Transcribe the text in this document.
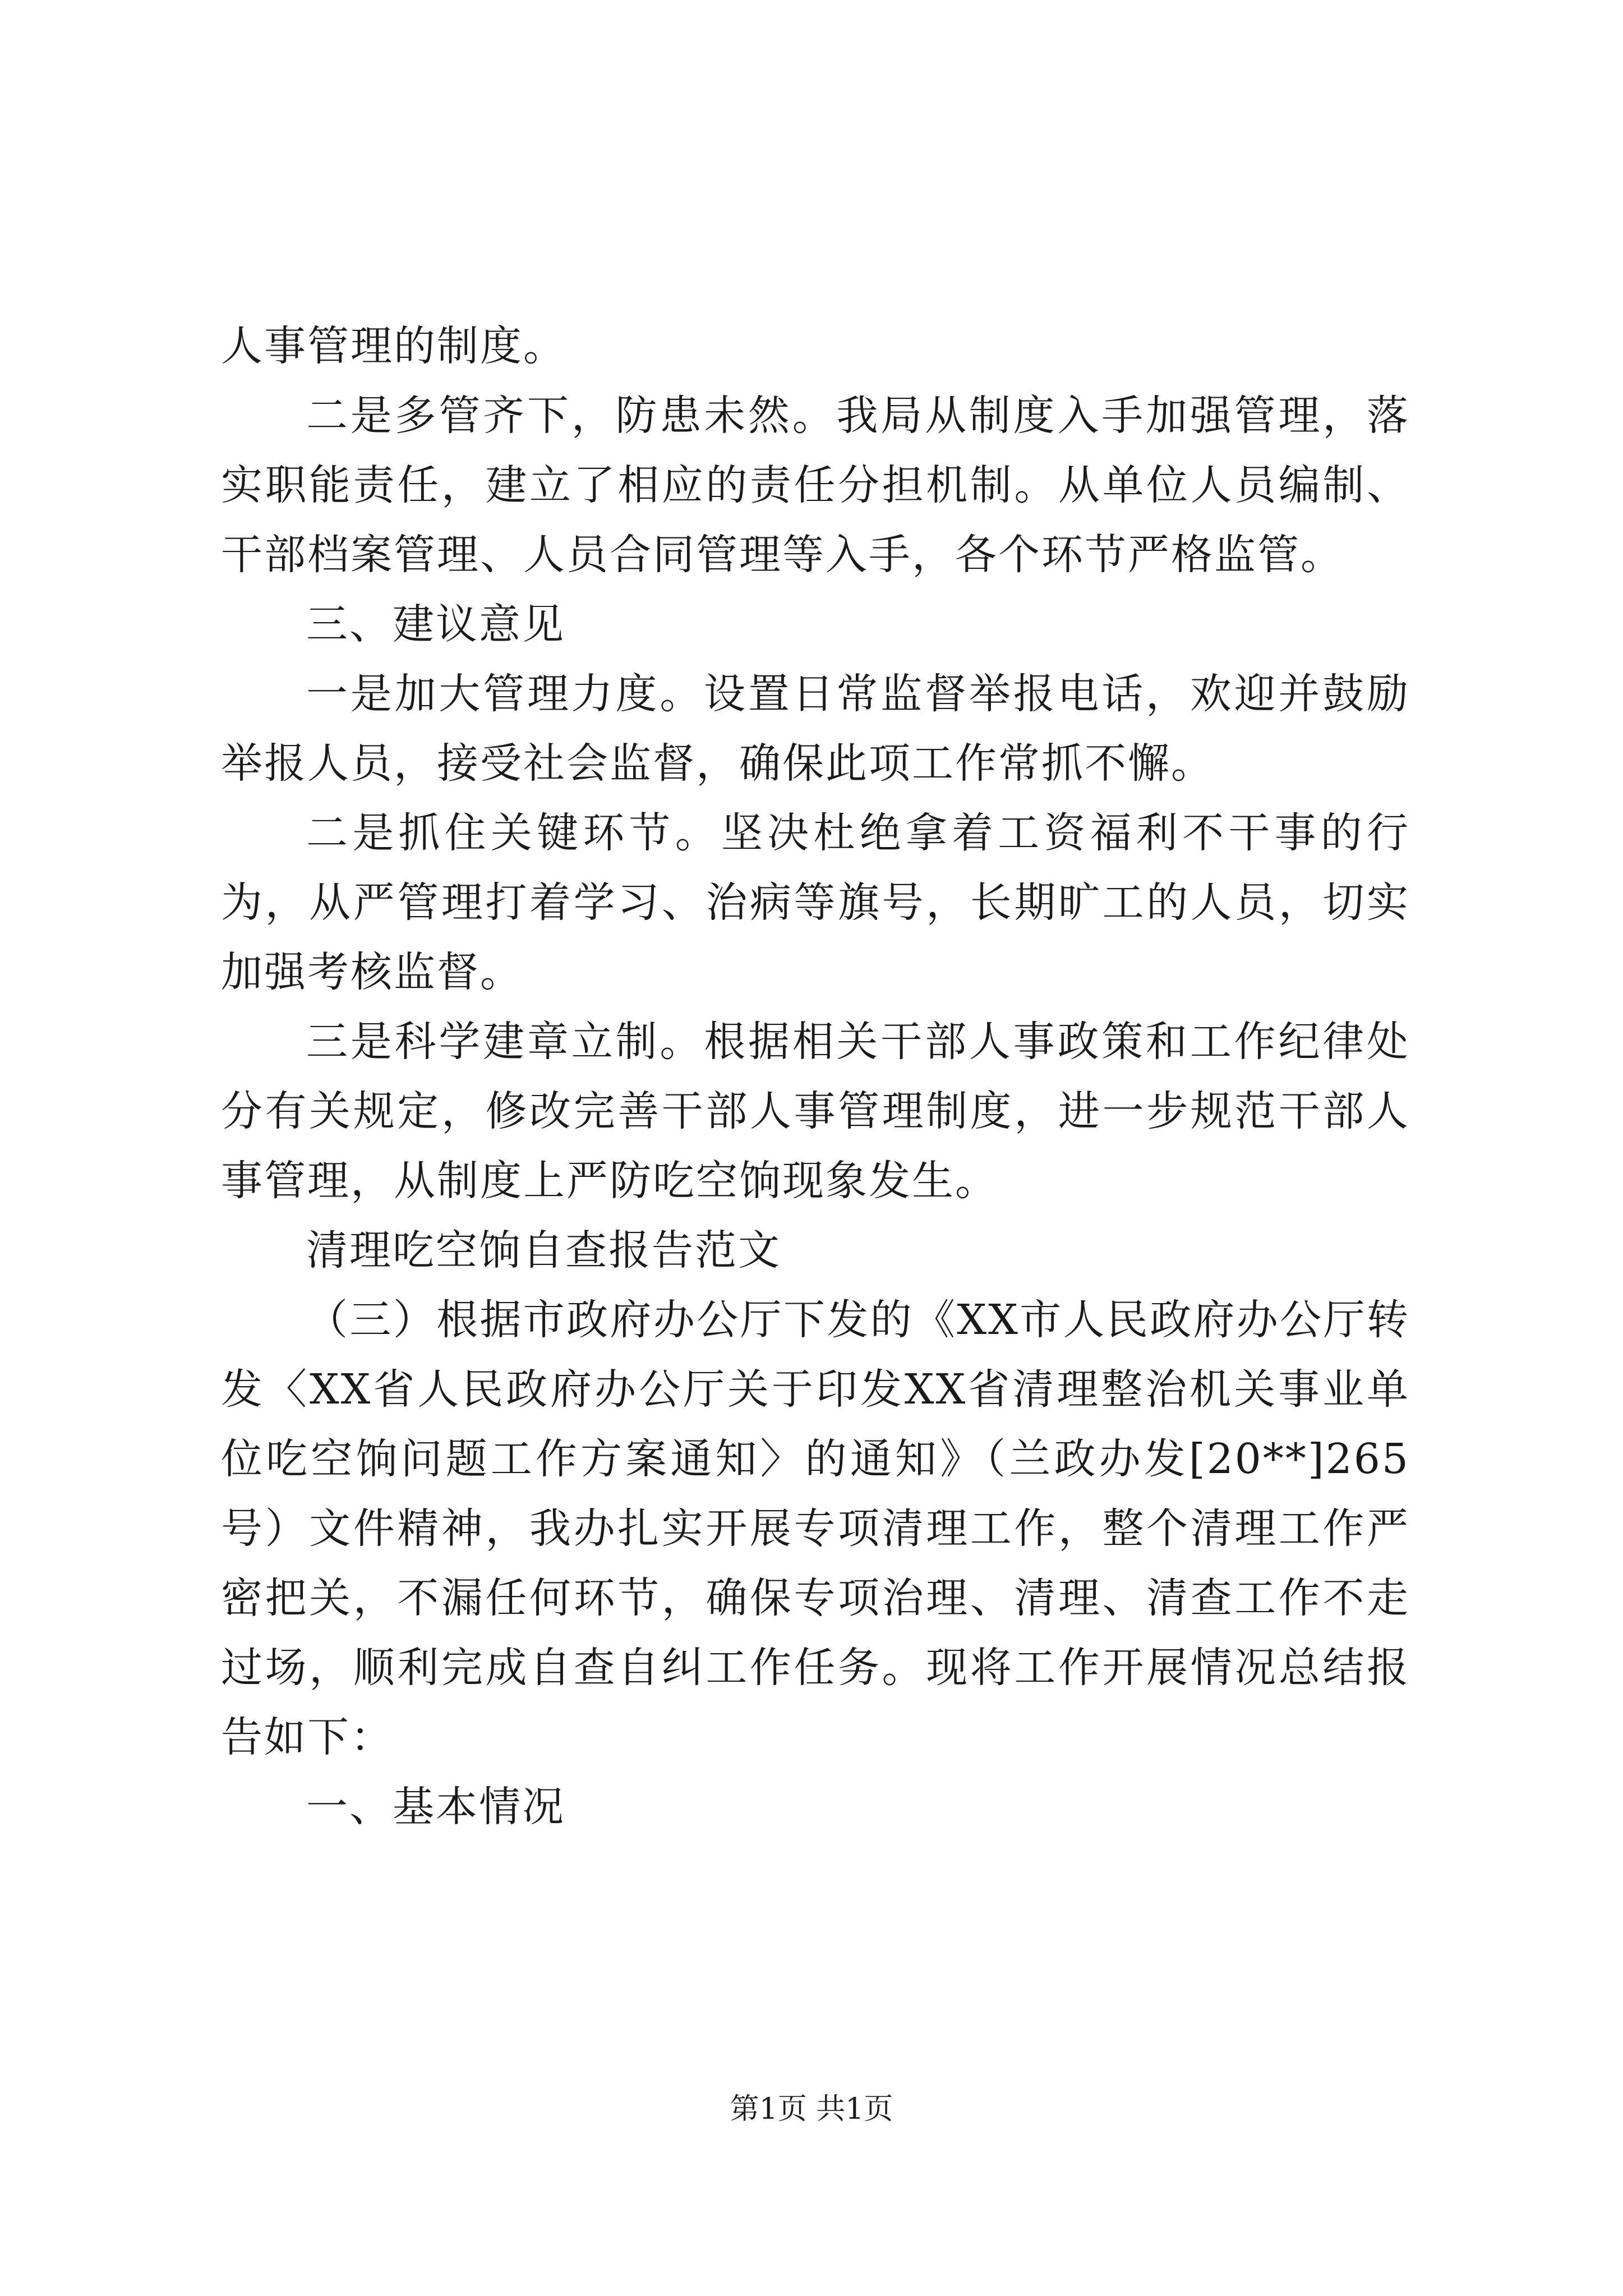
人事管理的制度。

二是多管齐下，防患未然。我局从制度入手加强管理，落实职能责任，建立了相应的责任分担机制。从单位人员编制、干部档案管理、人员合同管理等入手，各个环节严格监管。

三、建议意见

一是加大管理力度。设置日常监督举报电话，欢迎并鼓励举报人员，接受社会监督，确保此项工作常抓不懈。

二是抓住关键环节。坚决杜绝拿着工资福利不干事的行为，从严管理打着学习、治病等旗号，长期旷工的人员，切实加强考核监督。

三是科学建章立制。根据相关干部人事政策和工作纪律处分有关规定，修改完善干部人事管理制度，进一步规范干部人事管理，从制度上严防吃空饷现象发生。

清理吃空饷自查报告范文

（三）根据市政府办公厅下发的《XX市人民政府办公厅转发〈XX省人民政府办公厅关于印发XX省清理整治机关事业单位吃空饷问题工作方案通知〉的通知》（兰政办发[20**]265号）文件精神，我办扎实开展专项清理工作，整个清理工作严密把关，不漏任何环节，确保专项治理、清理、清查工作不走过场，顺利完成自查自纠工作任务。现将工作开展情况总结报告如下：

一、基本情况

第1页 共1页
